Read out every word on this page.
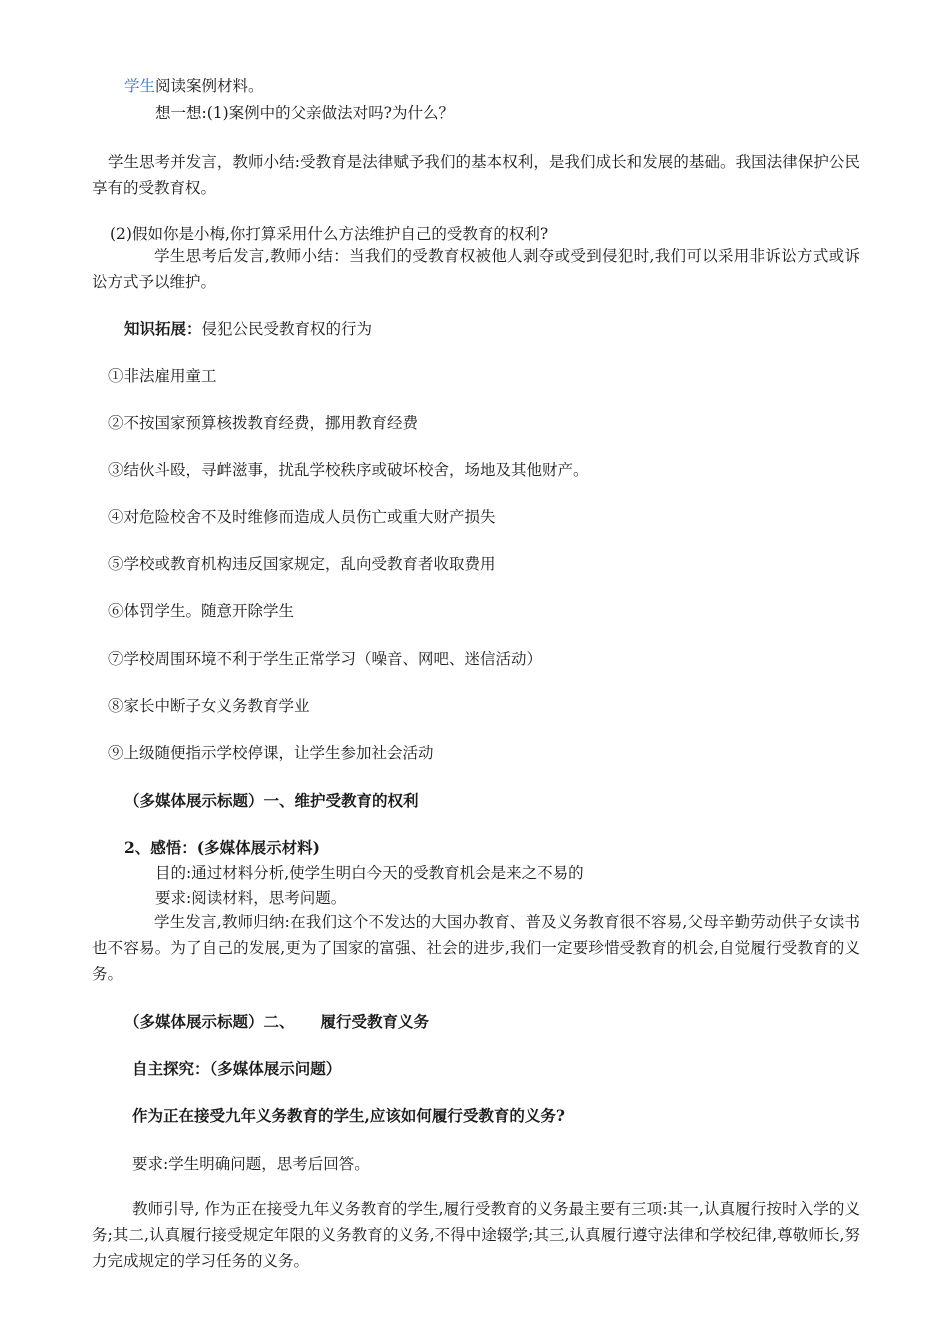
学生阅读案例材料。

想一想:(1)案例中的父亲做法对吗?为什么？

学生思考并发言，教师小结:受教育是法律赋予我们的基本权利，是我们成长和发展的基础。我国法律保护公民享有的受教育权。

(2)假如你是小梅,你打算采用什么方法维护自己的受教育的权利?

学生思考后发言,教师小结：当我们的受教育权被他人剥夺或受到侵犯时,我们可以采用非诉讼方式或诉讼方式予以维护。

知识拓展：侵犯公民受教育权的行为

①非法雇用童工

②不按国家预算核拨教育经费，挪用教育经费

③结伙斗殴，寻衅滋事，扰乱学校秩序或破坏校舍，场地及其他财产。

④对危险校舍不及时维修而造成人员伤亡或重大财产损失

⑤学校或教育机构违反国家规定，乱向受教育者收取费用

⑥体罚学生。随意开除学生

⑦学校周围环境不利于学生正常学习（噪音、网吧、迷信活动）

⑧家长中断子女义务教育学业

⑨上级随便指示学校停课，让学生参加社会活动

（多媒体展示标题）一、维护受教育的权利

2、感悟：(多媒体展示材料)

目的:通过材料分析,使学生明白今天的受教育机会是来之不易的

要求:阅读材料，思考问题。

学生发言,教师归纳:在我们这个不发达的大国办教育、普及义务教育很不容易,父母辛勤劳动供子女读书也不容易。为了自己的发展,更为了国家的富强、社会的进步,我们一定要珍惜受教育的机会,自觉履行受教育的义务。

（多媒体展示标题）二、 履行受教育义务

自主探究：（多媒体展示问题）

作为正在接受九年义务教育的学生,应该如何履行受教育的义务?

要求:学生明确问题，思考后回答。

教师引导, 作为正在接受九年义务教育的学生,履行受教育的义务最主要有三项:其一,认真履行按时入学的义务;其二,认真履行接受规定年限的义务教育的义务,不得中途辍学;其三,认真履行遵守法律和学校纪律,尊敬师长,努力完成规定的学习任务的义务。
